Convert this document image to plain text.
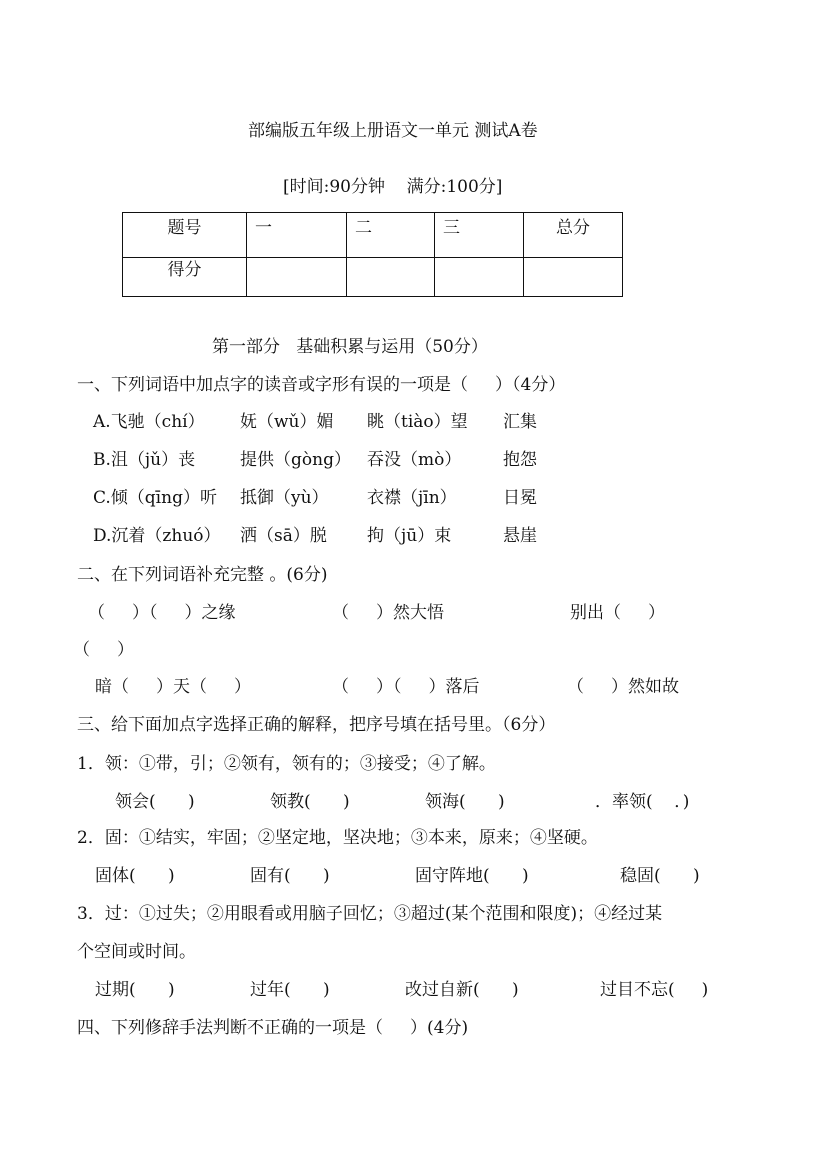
部编版五年级上册语文一单元 测试A卷
[时间:90分钟    满分:100分]
题号	一	二	三	总分

得分				

第一部分   基础积累与运用（50分）
一、下列词语中加点字的读音或字形有误的一项是（     ）（4分）
A.飞驰（chí） 妩（wǔ）媚 眺（tiào）望 汇集
B.沮（jǔ）丧	提供（gòng） 吞没（mò） 抱怨
C.倾（qīng）听 抵御（yù） 衣襟（jīn）	日冕
D.沉着（zhuó） 洒（sā）脱 拘（jū）束	悬崖
二、在下列词语补充完整 。(6分)
（     ）（     ）之缘	（     ）然大悟	别出（     ）
（     ）
暗（     ）天（     ）	（     ）（     ）落后	（     ）然如故
三、给下面加点字选择正确的解释，把序号填在括号里。（6分）
1．领：①带，引；②领有，领有的；③接受；④了解。
领会(      )	领教(      )	领海(      )	．率领(    ．)
2．固：①结实，牢固；②坚定地，坚决地；③本来，原来；④坚硬。
固体(      )	固有(      )	固守阵地(      )	稳固(      )
3．过：①过失；②用眼看或用脑子回忆；③超过(某个范围和限度)；④经过某
个空间或时间。
过期(      )	过年(      )	改过自新(      )	过目不忘(     )
四、下列修辞手法判断不正确的一项是（     ）(4分)
